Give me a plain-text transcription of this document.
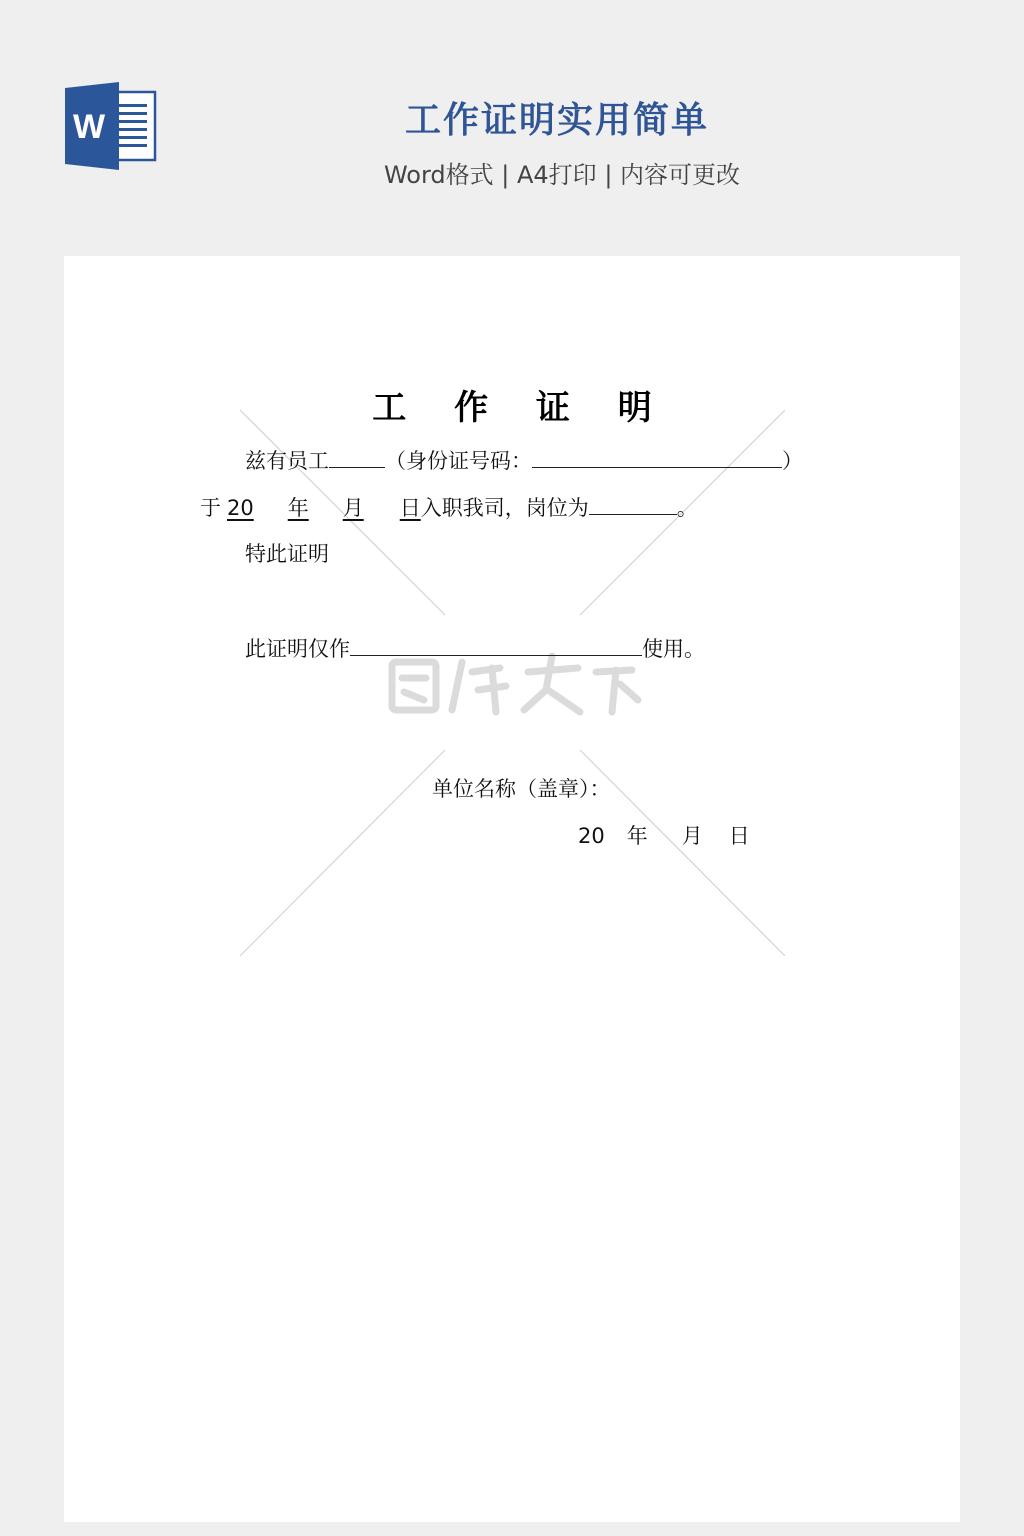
W	工作证明实用简单
Word格式 | A4打印 | 内容可更改
工 作 证 明
兹有员工	（身份证号码：	）
于 20 年 月 日入职我司，岗位为	。
特此证明
此证明仅作	使用。
单位名称（盖章）：
20 年 月 日
